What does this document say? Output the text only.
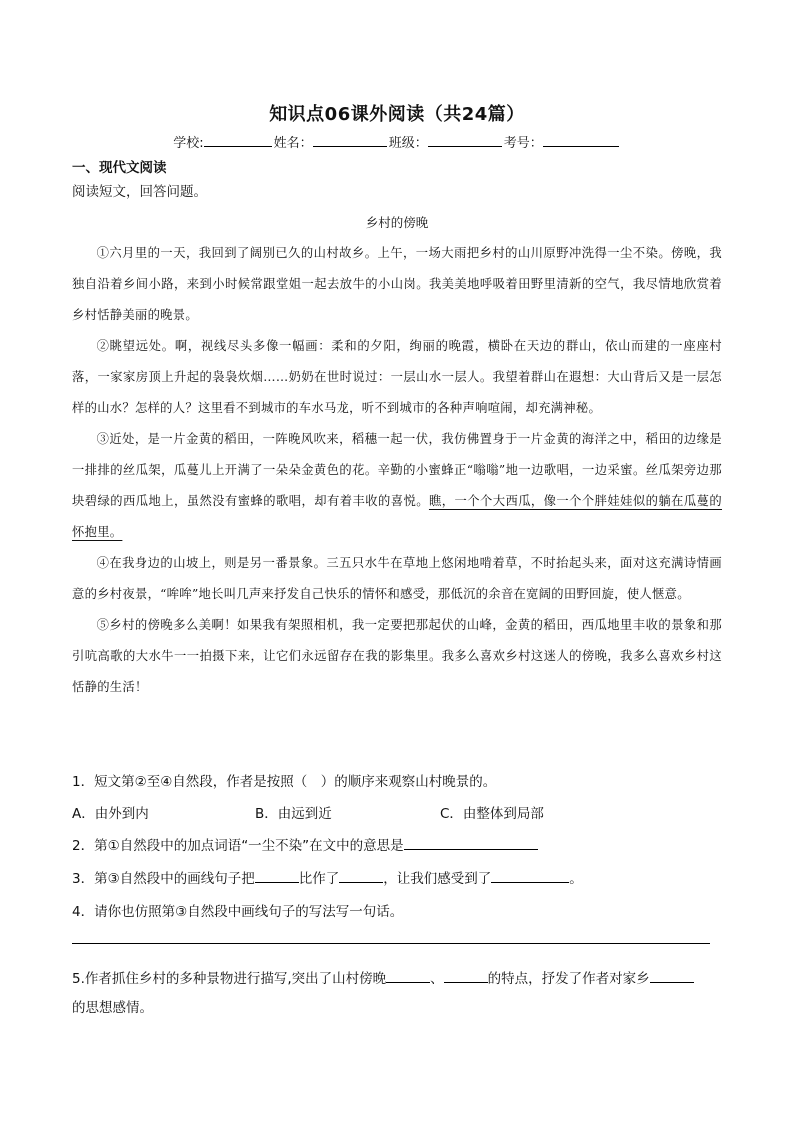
知识点06课外阅读（共24篇）
学校:	姓名：	班级：	考号：
一、现代文阅读
阅读短文，回答问题。
乡村的傍晚

①六月里的一天，我回到了阔别已久的山村故乡。上午，一场大雨把乡村的山川原野冲洗得一尘不染。傍晚，我独自沿着乡间小路，来到小时候常跟堂姐一起去放牛的小山岗。我美美地呼吸着田野里清新的空气，我尽情地欣赏着乡村恬静美丽的晚景。

②眺望远处。啊，视线尽头多像一幅画：柔和的夕阳，绚丽的晚霞，横卧在天边的群山，依山而建的一座座村落，一家家房顶上升起的袅袅炊烟……奶奶在世时说过：一层山水一层人。我望着群山在遐想：大山背后又是一层怎样的山水？怎样的人？这里看不到城市的车水马龙，听不到城市的各种声响喧闹，却充满神秘。

③近处，是一片金黄的稻田，一阵晚风吹来，稻穗一起一伏，我仿佛置身于一片金黄的海洋之中，稻田的边缘是一排排的丝瓜架，瓜蔓儿上开满了一朵朵金黄色的花。辛勤的小蜜蜂正“嗡嗡”地一边歌唱，一边采蜜。丝瓜架旁边那块碧绿的西瓜地上，虽然没有蜜蜂的歌唱，却有着丰收的喜悦。瞧，一个个大西瓜，像一个个胖娃娃似的躺在瓜蔓的怀抱里。

④在我身边的山坡上，则是另一番景象。三五只水牛在草地上悠闲地啃着草，不时抬起头来，面对这充满诗情画意的乡村夜景，“哞哞”地长叫几声来抒发自己快乐的情怀和感受，那低沉的余音在宽阔的田野回旋，使人惬意。

⑤乡村的傍晚多么美啊！如果我有架照相机，我一定要把那起伏的山峰，金黄的稻田，西瓜地里丰收的景象和那引吭高歌的大水牛一一拍摄下来，让它们永远留存在我的影集里。我多么喜欢乡村这迷人的傍晚，我多么喜欢乡村这恬静的生活！

1．短文第②至④自然段，作者是按照（　）的顺序来观察山村晚景的。
A．由外到内	B．由远到近	C．由整体到局部
2．第①自然段中的加点词语“一尘不染”在文中的意思是
3．第③自然段中的画线句子把	比作了	，让我们感受到了	。
4．请你也仿照第③自然段中画线句子的写法写一句话。
5.作者抓住乡村的多种景物进行描写,突出了山村傍晚	、	的特点，抒发了作者对家乡
的思想感情。
